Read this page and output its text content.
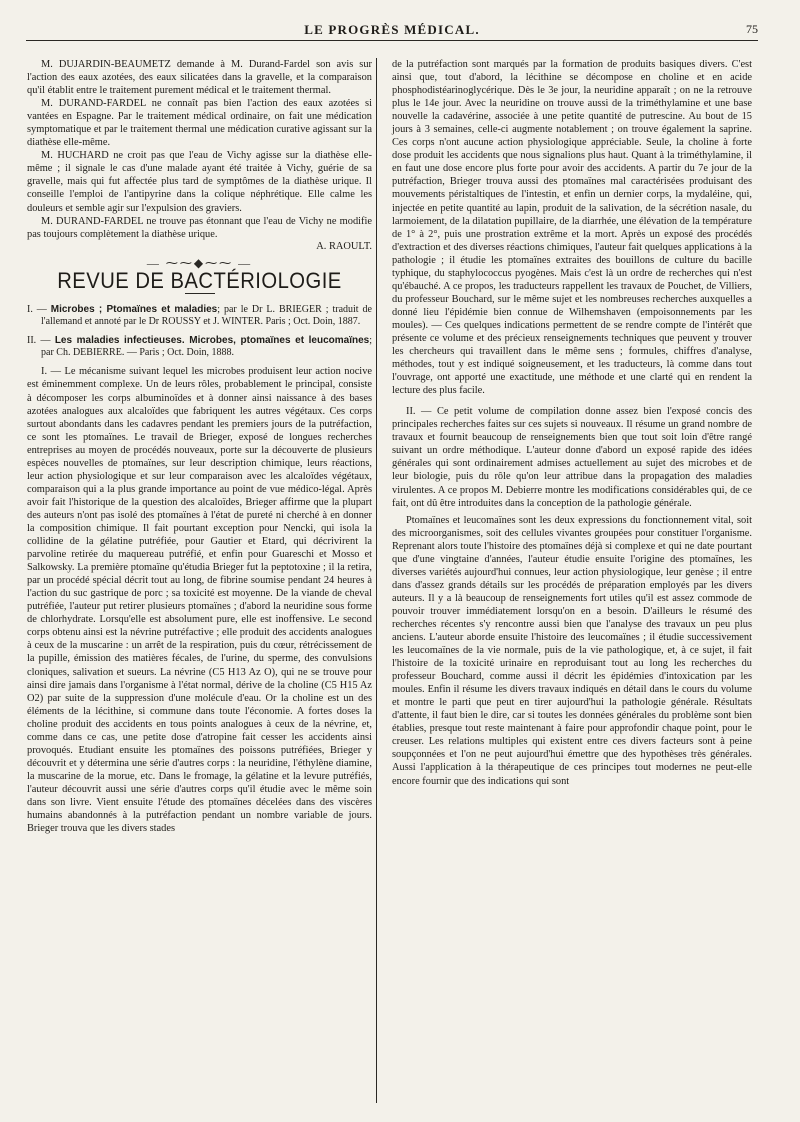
LE PROGRÈS MÉDICAL.	75

M. DUJARDIN-BEAUMETZ demande à M. Durand-Fardel son avis sur l'action des eaux azotées, des eaux silicatées dans la gravelle, et la comparaison qu'il établit entre le traitement purement médical et le traitement thermal.

M. DURAND-FARDEL ne connaît pas bien l'action des eaux azotées si vantées en Espagne. Par le traitement médical ordinaire, on fait une médication symptomatique et par le traitement thermal une médication curative agissant sur la diathèse elle-même.

M. HUCHARD ne croit pas que l'eau de Vichy agisse sur la diathèse elle-même ; il signale le cas d'une malade ayant été traitée à Vichy, guérie de sa gravelle, mais qui fut affectée plus tard de symptômes de la diathèse urique. Il conseille l'emploi de l'antipyrine dans la colique néphrétique. Elle calme les douleurs et semble agir sur l'expulsion des graviers.

M. DURAND-FARDEL ne trouve pas étonnant que l'eau de Vichy ne modifie pas toujours complètement la diathèse urique.

A. RAOULT.

— ⁓⁓◆⁓⁓ —
REVUE DE BACTÉRIOLOGIE

I. — Microbes ; Ptomaïnes et maladies; par le Dr L. BRIEGER ; traduit de l'allemand et annoté par le Dr ROUSSY et J. WINTER. Paris ; Oct. Doin, 1887.

II. — Les maladies infectieuses. Microbes, ptomaïnes et leucomaïnes; par Ch. DEBIERRE. — Paris ; Oct. Doin, 1888.

I. — Le mécanisme suivant lequel les microbes produisent leur action nocive est éminemment complexe. Un de leurs rôles, probablement le principal, consiste à décomposer les corps albuminoïdes et à donner ainsi naissance à des bases azotées analogues aux alcaloïdes que fabriquent les autres végétaux. Ces corps surtout abondants dans les cadavres pendant les premiers jours de la putréfaction, ce sont les ptomaïnes. Le travail de Brieger, exposé de longues recherches entreprises au moyen de procédés nouveaux, porte sur la découverte de plusieurs espèces nouvelles de ptomaïnes, sur leur description chimique, leurs réactions, leur action physiologique et sur leur comparaison avec les alcaloïdes végétaux, comparaison qui a la plus grande importance au point de vue médico-légal. Après avoir fait l'historique de la question des alcaloïdes, Brieger affirme que la plupart des auteurs n'ont pas isolé des ptomaïnes à l'état de pureté ni cherché à en donner la composition chimique. Il fait pourtant exception pour Nencki, qui isola la collidine de la gélatine putréfiée, pour Gautier et Etard, qui décrivirent la parvoline retirée du maquereau putréfié, et enfin pour Guareschi et Mosso et Salkowsky. La première ptomaïne qu'étudia Brieger fut la peptotoxine ; il la retira, par un procédé spécial décrit tout au long, de fibrine soumise pendant 24 heures à l'action du suc gastrique de porc ; sa toxicité est moyenne. De la viande de cheval putréfiée, l'auteur put retirer plusieurs ptomaïnes ; d'abord la neuridine sous forme de chlorhydrate. Lorsqu'elle est absolument pure, elle est inoffensive. Le second corps obtenu ainsi est la névrine putréfactive ; elle produit des accidents analogues à ceux de la muscarine : un arrêt de la respiration, puis du cœur, rétrécissement de la pupille, émission des matières fécales, de l'urine, du sperme, des convulsions cloniques, salivation et sueurs. La névrine (C5 H13 Az O), qui ne se trouve pour ainsi dire jamais dans l'organisme à l'état normal, dérive de la choline (C5 H15 Az O2) par suite de la suppression d'une molécule d'eau. Or la choline est un des éléments de la lécithine, si commune dans toute l'économie. A fortes doses la choline produit des accidents en tous points analogues à ceux de la névrine, et, comme dans ce cas, une petite dose d'atropine fait cesser les accidents ainsi provoqués. Etudiant ensuite les ptomaïnes des poissons putréfiées, Brieger y découvrit et y détermina une série d'autres corps : la neuridine, l'éthylène diamine, la muscarine de la morue, etc. Dans le fromage, la gélatine et la levure putréfiés, l'auteur découvrit aussi une série d'autres corps qu'il étudie avec le même soin dans son livre. Vient ensuite l'étude des ptomaïnes décelées dans des viscères humains abandonnés à la putréfaction pendant un nombre variable de jours. Brieger trouva que les divers stades

de la putréfaction sont marqués par la formation de produits basiques divers. C'est ainsi que, tout d'abord, la lécithine se décompose en choline et en acide phosphodistéarinoglycérique. Dès le 3e jour, la neuridine apparaît ; on ne la retrouve plus le 14e jour. Avec la neuridine on trouve aussi de la triméthylamine et une base nouvelle la cadavérine, associée à une petite quantité de putrescine. Au bout de 15 jours à 3 semaines, celle-ci augmente notablement ; on trouve également la saprine. Ces corps n'ont aucune action physiologique appréciable. Seule, la choline à forte dose produit les accidents que nous signalions plus haut. Quant à la triméthylamine, il en faut une dose encore plus forte pour avoir des accidents. A partir du 7e jour de la putréfaction, Brieger trouva aussi des ptomaïnes mal caractérisées produisant des mouvements péristaltiques de l'intestin, et enfin un dernier corps, la mydaléine, qui, injectée en petite quantité au lapin, produit de la salivation, de la sécrétion nasale, du larmoiement, de la dilatation pupillaire, de la diarrhée, une élévation de la température de 1° à 2°, puis une prostration extrême et la mort. Après un exposé des procédés d'extraction et des diverses réactions chimiques, l'auteur fait quelques applications à la pathologie ; il étudie les ptomaïnes extraites des bouillons de culture du bacille typhique, du staphylococcus pyogènes. Mais c'est là un ordre de recherches qui n'est qu'ébauché. A ce propos, les traducteurs rappellent les travaux de Pouchet, de Villiers, du professeur Bouchard, sur le même sujet et les nombreuses recherches auxquelles a donné lieu l'épidémie bien connue de Wilhemshaven (empoisonnements par les moules). — Ces quelques indications permettent de se rendre compte de l'intérêt que présente ce volume et des précieux renseignements techniques que peuvent y trouver les chercheurs qui travaillent dans le même sens ; formules, chiffres d'analyse, méthodes, tout y est indiqué soigneusement, et les traducteurs, là comme dans tout l'ouvrage, ont apporté une exactitude, une méthode et une clarté qui en rendent la lecture des plus facile.

II. — Ce petit volume de compilation donne assez bien l'exposé concis des principales recherches faites sur ces sujets si nouveaux. Il résume un grand nombre de travaux et fournit beaucoup de renseignements bien que tout soit loin d'être rangé suivant un ordre méthodique. L'auteur donne d'abord un exposé rapide des idées générales qui sont ordinairement admises actuellement au sujet des microbes et de leur biologie, puis du rôle qu'on leur attribue dans la propagation des maladies virulentes. A ce propos M. Debierre montre les modifications considérables qui, de ce fait, ont dû être introduites dans la conception de la pathologie générale.

Ptomaïnes et leucomaïnes sont les deux expressions du fonctionnement vital, soit des microorganismes, soit des cellules vivantes groupées pour constituer l'organisme. Reprenant alors toute l'histoire des ptomaïnes déjà si complexe et qui ne date pourtant que d'une vingtaine d'années, l'auteur étudie ensuite l'origine des ptomaïnes, les diverses variétés aujourd'hui connues, leur action physiologique, leur genèse ; il entre dans d'assez grands détails sur les procédés de préparation employés par les divers auteurs. Il y a là beaucoup de renseignements fort utiles qu'il est assez commode de pouvoir trouver immédiatement lorsqu'on en a besoin. D'ailleurs le résumé des recherches récentes s'y rencontre aussi bien que l'analyse des travaux un peu plus anciens. L'auteur aborde ensuite l'histoire des leucomaïnes ; il étudie successivement les leucomaïnes de la vie normale, puis de la vie pathologique, et, à ce sujet, il fait l'histoire de la toxicité urinaire en reproduisant tout au long les recherches du professeur Bouchard, comme aussi il décrit les épidémies d'intoxication par les moules. Enfin il résume les divers travaux indiqués en détail dans le cours du volume et montre le parti que peut en tirer aujourd'hui la pathologie générale. Résultats d'attente, il faut bien le dire, car si toutes les données générales du problème sont bien établies, presque tout reste maintenant à faire pour approfondir chaque point, pour le creuser. Les relations multiples qui existent entre ces divers facteurs sont à peine soupçonnées et l'on ne peut aujourd'hui émettre que des hypothèses très générales. Aussi l'application à la thérapeutique de ces principes tout modernes ne peut-elle encore fournir que des indications qui sont
